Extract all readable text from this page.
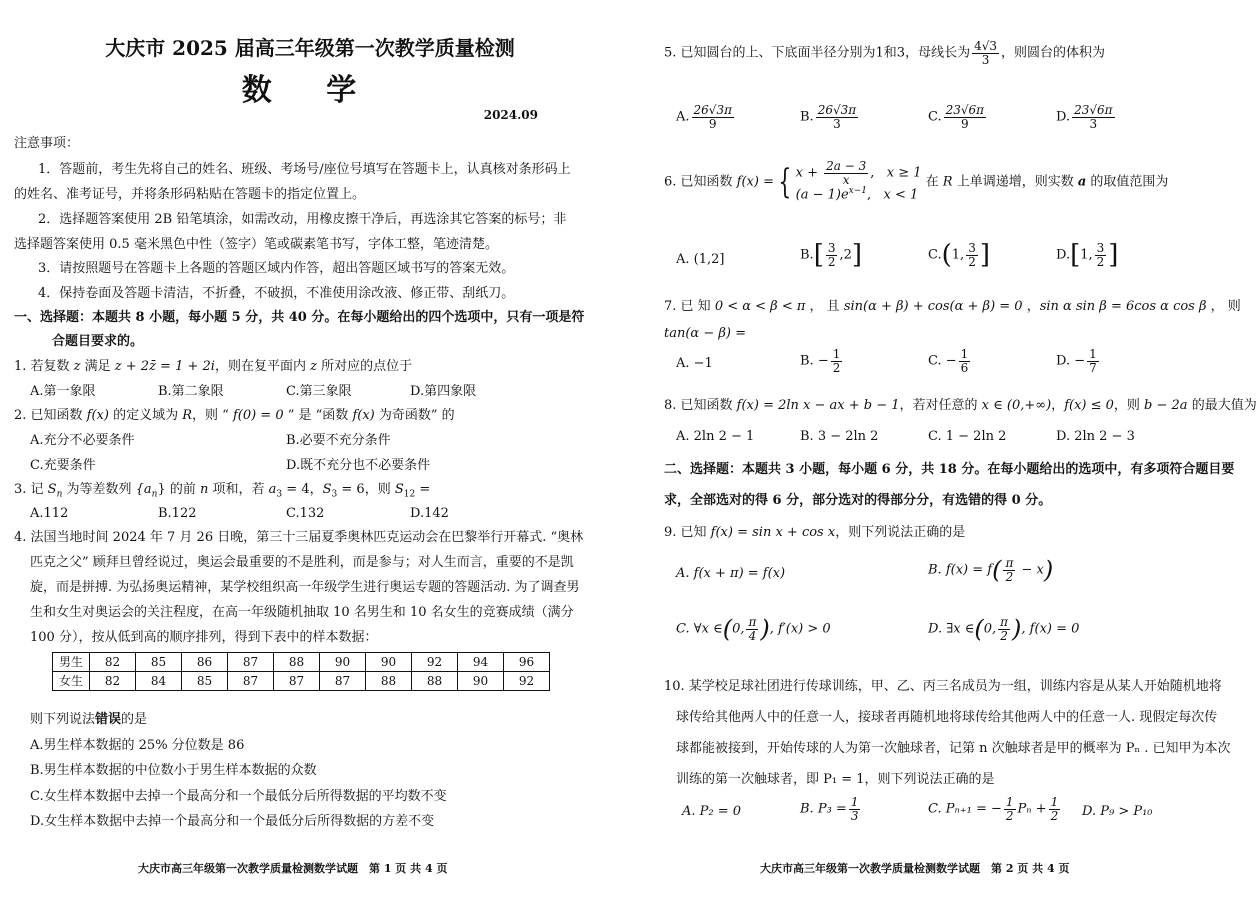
大庆市 2025 届高三年级第一次教学质量检测
数 学
2024.09
注意事项：
1．答题前，考生先将自己的姓名、班级、考场号/座位号填写在答题卡上，认真核对条形码上
的姓名、准考证号，并将条形码粘贴在答题卡的指定位置上。
2．选择题答案使用 2B 铅笔填涂，如需改动，用橡皮擦干净后，再选涂其它答案的标号；非
选择题答案使用 0.5 毫米黑色中性（签字）笔或碳素笔书写，字体工整，笔迹清楚。
3．请按照题号在答题卡上各题的答题区域内作答，超出答题区域书写的答案无效。
4．保持卷面及答题卡清洁，不折叠，不破损，不准使用涂改液、修正带、刮纸刀。
一、选择题：本题共 8 小题，每小题 5 分，共 40 分。在每小题给出的四个选项中，只有一项是符
合题目要求的。
1. 若复数 z 满足 z + 2z̄ = 1 + 2i，则在复平面内 z 所对应的点位于
A.第一象限	B.第二象限	C.第三象限	D.第四象限
2. 已知函数 f(x) 的定义域为 R，则 “ f(0) = 0 ” 是 “函数 f(x) 为奇函数” 的
A.充分不必要条件	B.必要不充分条件
C.充要条件	D.既不充分也不必要条件
3. 记 $S_n$ 为等差数列 $\{a_n\}$ 的前 n 项和，若 $a_3 = 4$，$S_3 = 6$，则 $S_{12}$ =
A.112	B.122	C.132	D.142
4. 法国当地时间 2024 年 7 月 26 日晚，第三十三届夏季奥林匹克运动会在巴黎举行开幕式. “奥林
匹克之父” 顾拜旦曾经说过，奥运会最重要的不是胜利，而是参与；对人生而言，重要的不是凯
旋，而是拼搏. 为弘扬奥运精神，某学校组织高一年级学生进行奥运专题的答题活动. 为了调查男
生和女生对奥运会的关注程度，在高一年级随机抽取 10 名男生和 10 名女生的竞赛成绩（满分
100 分），按从低到高的顺序排列，得到下表中的样本数据：
男生	82	85	86	87	88	90	90	92	94	96
女生	82	84	85	87	87	87	88	88	90	92
则下列说法错误的是
A.男生样本数据的 25% 分位数是 86
B.男生样本数据的中位数小于男生样本数据的众数
C.女生样本数据中去掉一个最高分和一个最低分后所得数据的平均数不变
D.女生样本数据中去掉一个最高分和一个最低分后所得数据的方差不变
大庆市高三年级第一次教学质量检测数学试题　第 1 页 共 4 页
5. 已知圆台的上、下底面半径分别为1和3，母线长为 $\frac{4√3}{3}$ ，则圆台的体积为
A. $\frac{26√3\pi}{9}$	B. $\frac{26√3\pi}{3}$	C. $\frac{23√6\pi}{9}$	D. $\frac{23√6\pi}{3}$
6. 已知函数 f(x) = { $x + \frac{2a - 3}{x}$ ,   x ≥ 1
$(a - 1)e^{x-1}$,   x < 1
在 R 上单调递增，则实数 a 的取值范围为
A. (1,2]	$B.[ \frac{3}{2} ,2]$	C.(1, $\frac{3}{2}$ ]	D.[1, $\frac{3}{2}$ ]
7. 已 知 0 < α < β < π ， 且 sin(α + β) + cos(α + β) = 0 ，sin α sin β = 6cos α cos β ， 则
tan(α − β) =
A. −1	B. − $\frac{1}{2}$	C. − $\frac{1}{6}$	D. − $\frac{1}{7}$
8. 已知函数 f(x) = 2ln x − ax + b − 1，若对任意的 x ∈ (0,+∞)，f(x) ≤ 0，则 b − 2a 的最大值为
A. 2ln 2 − 1	B. 3 − 2ln 2	C. 1 − 2ln 2	D. 2ln 2 − 3
二、选择题：本题共 3 小题，每小题 6 分，共 18 分。在每小题给出的选项中，有多项符合题目要
求，全部选对的得 6 分，部分选对的得部分分，有选错的得 0 分。
9. 已知 f(x) = sin x + cos x，则下列说法正确的是
A. f(x + π) = f(x)	B. $f(x) = f( \frac{\pi}{2} - x)$
C. ∀x ∈(0, $\frac{\pi}{4}$ ), f′(x) > 0	D. ∃x ∈(0, $\frac{\pi}{2}$ ), f(x) = 0
10. 某学校足球社团进行传球训练，甲、乙、丙三名成员为一组，训练内容是从某人开始随机地将
球传给其他两人中的任意一人，接球者再随机地将球传给其他两人中的任意一人. 现假定每次传
球都能被接到，开始传球的人为第一次触球者，记第 n 次触球者是甲的概率为 Pₙ . 已知甲为本次
训练的第一次触球者，即 P₁ = 1，则下列说法正确的是
A. P₂ = 0	B. $P_3 = \frac{1}{3}$	C. Pₙ₊₁ = − $\frac{1}{2}$ $P_n + \frac{1}{2} D$. P₉ > P₁₀
大庆市高三年级第一次教学质量检测数学试题　第 2 页 共 4 页
